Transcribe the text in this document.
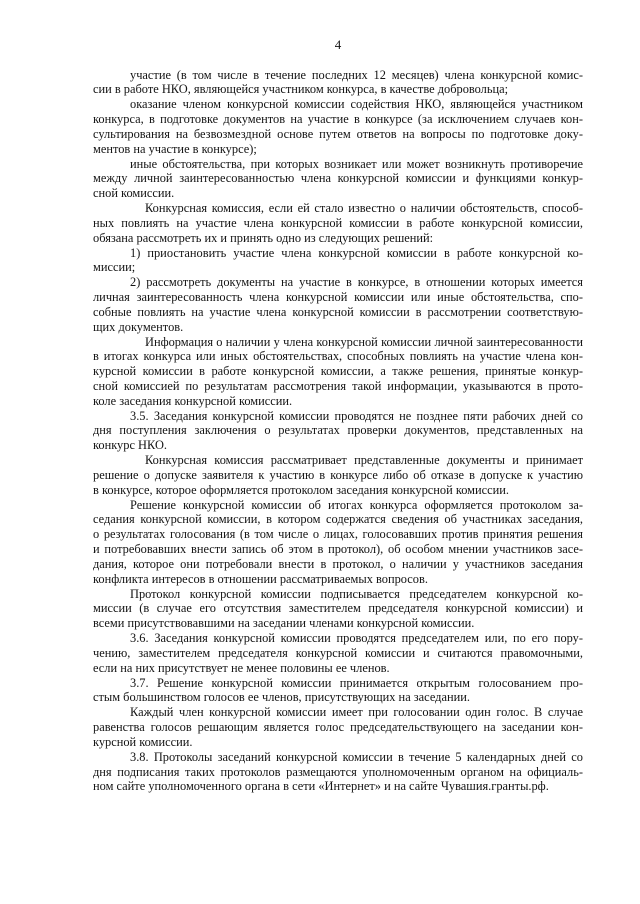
4
участие (в том числе в течение последних 12 месяцев) члена конкурсной комис-
сии в работе НКО, являющейся участником конкурса, в качестве добровольца;
оказание членом конкурсной комиссии содействия НКО, являющейся участником
конкурса, в подготовке документов на участие в конкурсе (за исключением случаев кон-
сультирования на безвозмездной основе путем ответов на вопросы по подготовке доку-
ментов на участие в конкурсе);
иные обстоятельства, при которых возникает или может возникнуть противоречие
между личной заинтересованностью члена конкурсной комиссии и функциями конкур-
сной комиссии.
Конкурсная комиссия, если ей стало известно о наличии обстоятельств, способ-
ных повлиять на участие члена конкурсной комиссии в работе конкурсной комиссии,
обязана рассмотреть их и принять одно из следующих решений:
1) приостановить участие члена конкурсной комиссии в работе конкурсной ко-
миссии;
2) рассмотреть документы на участие в конкурсе, в отношении которых имеется
личная заинтересованность члена конкурсной комиссии или иные обстоятельства, спо-
собные повлиять на участие члена конкурсной комиссии в рассмотрении соответствую-
щих документов.
Информация о наличии у члена конкурсной комиссии личной заинтересованности
в итогах конкурса или иных обстоятельствах, способных повлиять на участие члена кон-
курсной комиссии в работе конкурсной комиссии, а также решения, принятые конкур-
сной комиссией по результатам рассмотрения такой информации, указываются в прото-
коле заседания конкурсной комиссии.
3.5. Заседания конкурсной комиссии проводятся не позднее пяти рабочих дней со
дня поступления заключения о результатах проверки документов, представленных на
конкурс НКО.
Конкурсная комиссия рассматривает представленные документы и принимает
решение о допуске заявителя к участию в конкурсе либо об отказе в допуске к участию
в конкурсе, которое оформляется протоколом заседания конкурсной комиссии.
Решение конкурсной комиссии об итогах конкурса оформляется протоколом за-
седания конкурсной комиссии, в котором содержатся сведения об участниках заседания,
о результатах голосования (в том числе о лицах, голосовавших против принятия решения
и потребовавших внести запись об этом в протокол), об особом мнении участников засе-
дания, которое они потребовали внести в протокол, о наличии у участников заседания
конфликта интересов в отношении рассматриваемых вопросов.
Протокол конкурсной комиссии подписывается председателем конкурсной ко-
миссии (в случае его отсутствия заместителем председателя конкурсной комиссии) и
всеми присутствовавшими на заседании членами конкурсной комиссии.
3.6. Заседания конкурсной комиссии проводятся председателем или, по его пору-
чению, заместителем председателя конкурсной комиссии и считаются правомочными,
если на них присутствует не менее половины ее членов.
3.7. Решение конкурсной комиссии принимается открытым голосованием про-
стым большинством голосов ее членов, присутствующих на заседании.
Каждый член конкурсной комиссии имеет при голосовании один голос. В случае
равенства голосов решающим является голос председательствующего на заседании кон-
курсной комиссии.
3.8. Протоколы заседаний конкурсной комиссии в течение 5 календарных дней со
дня подписания таких протоколов размещаются уполномоченным органом на официаль-
ном сайте уполномоченного органа в сети «Интернет» и на сайте Чувашия.гранты.рф.
